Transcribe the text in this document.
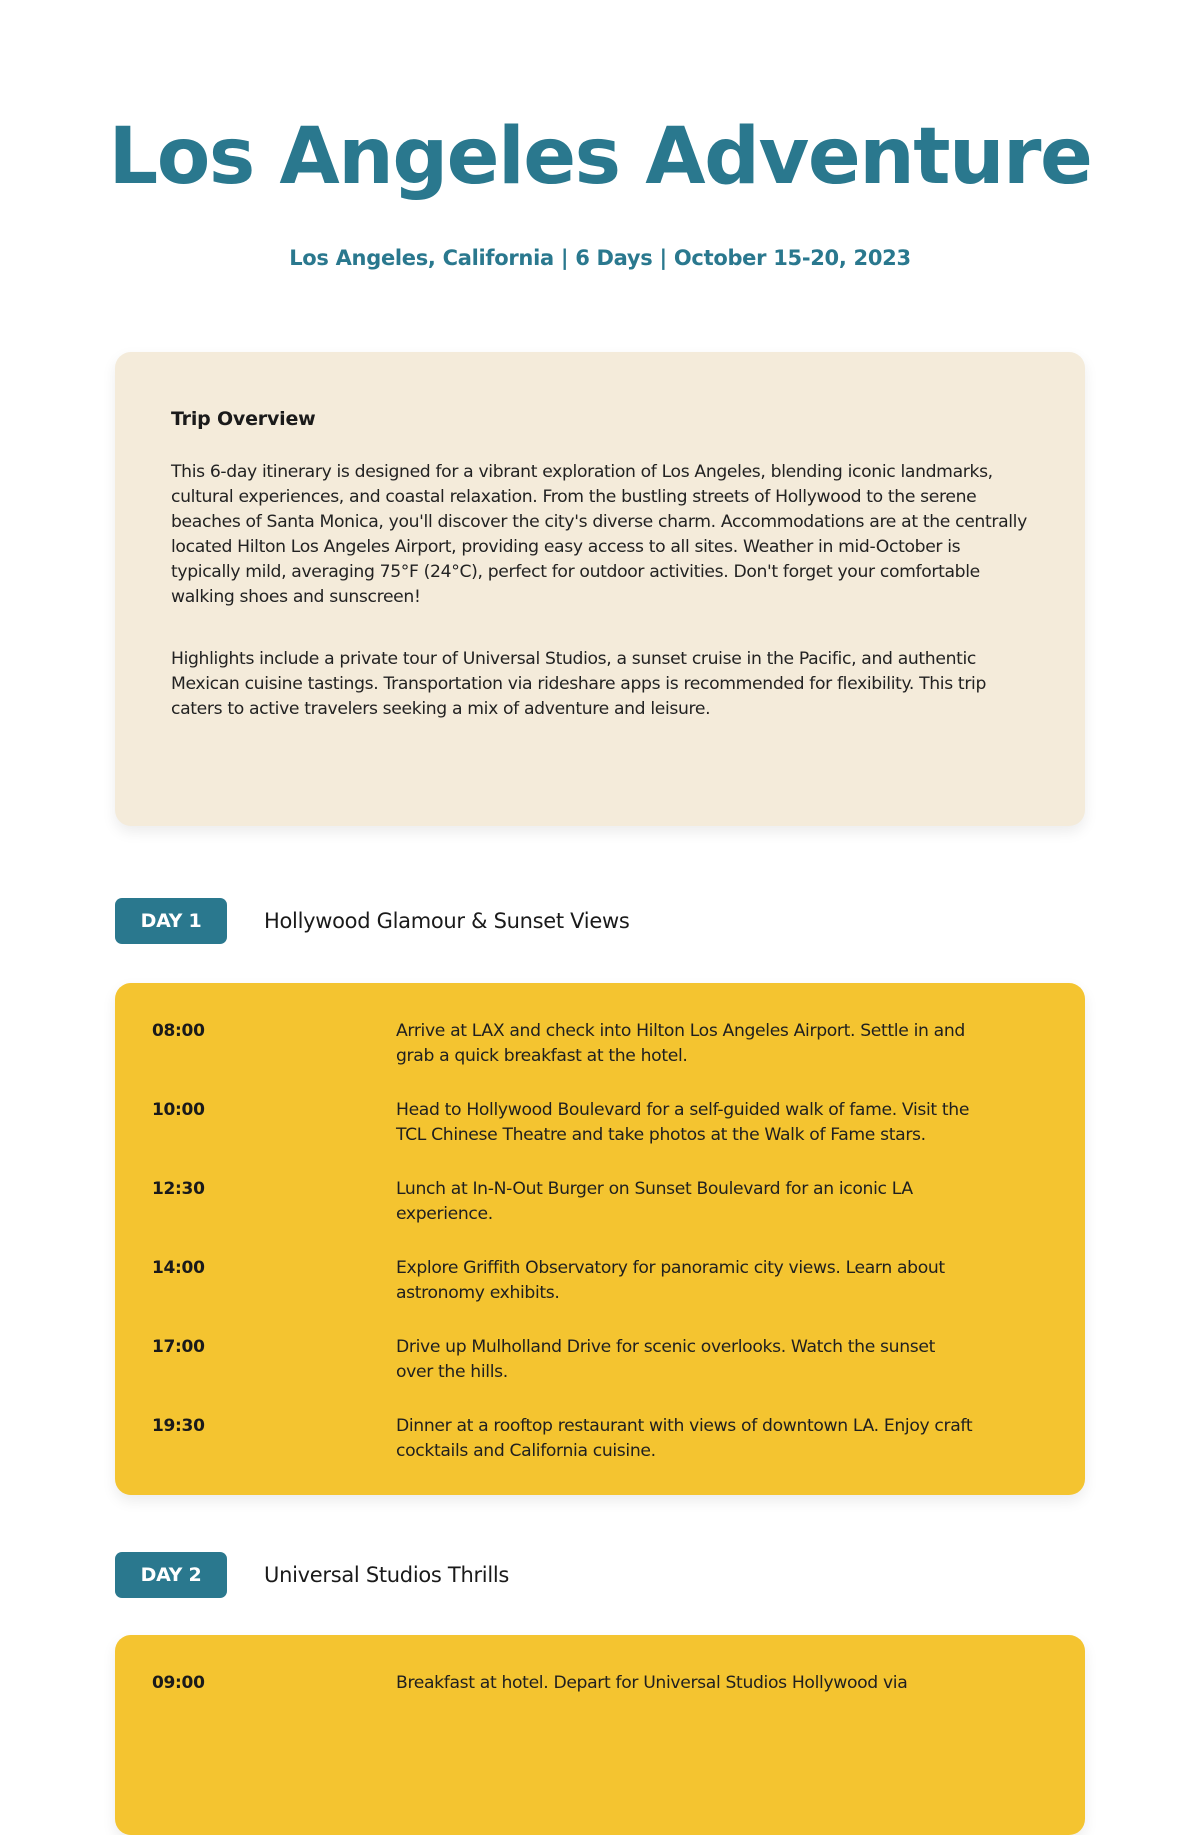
Los Angeles Adventure
Los Angeles, California | 6 Days | October 15-20, 2023
Trip Overview

This 6-day itinerary is designed for a vibrant exploration of Los Angeles, blending iconic landmarks, cultural experiences, and coastal relaxation. From the bustling streets of Hollywood to the serene beaches of Santa Monica, you'll discover the city's diverse charm. Accommodations are at the centrally located Hilton Los Angeles Airport, providing easy access to all sites. Weather in mid-October is typically mild, averaging 75°F (24°C), perfect for outdoor activities. Don't forget your comfortable walking shoes and sunscreen!

Highlights include a private tour of Universal Studios, a sunset cruise in the Pacific, and authentic Mexican cuisine tastings. Transportation via rideshare apps is recommended for flexibility. This trip caters to active travelers seeking a mix of adventure and leisure.

DAY 1	Hollywood Glamour & Sunset Views
08:00	Arrive at LAX and check into Hilton Los Angeles Airport. Settle in and grab a quick breakfast at the hotel.
10:00	Head to Hollywood Boulevard for a self-guided walk of fame. Visit the TCL Chinese Theatre and take photos at the Walk of Fame stars.
12:30	Lunch at In-N-Out Burger on Sunset Boulevard for an iconic LA experience.
14:00	Explore Griffith Observatory for panoramic city views. Learn about astronomy exhibits.
17:00	Drive up Mulholland Drive for scenic overlooks. Watch the sunset over the hills.
19:30	Dinner at a rooftop restaurant with views of downtown LA. Enjoy craft cocktails and California cuisine.
DAY 2	Universal Studios Thrills
09:00	Breakfast at hotel. Depart for Universal Studios Hollywood via
